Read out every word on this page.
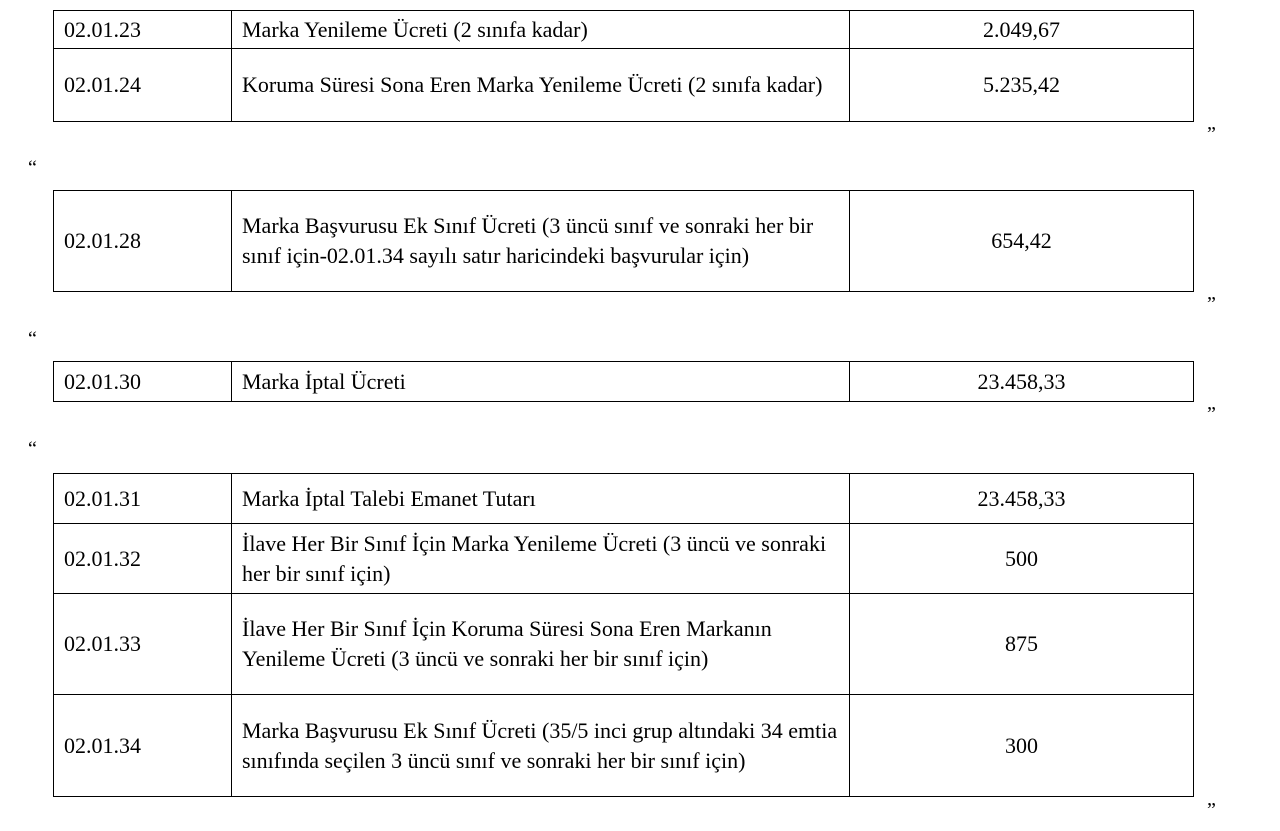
02.01.23	Marka Yenileme Ücreti (2 sınıfa kadar)	2.049,67
02.01.24	Koruma Süresi Sona Eren Marka Yenileme Ücreti (2 sınıfa kadar)	5.235,42
”
“
02.01.28	Marka Başvurusu Ek Sınıf Ücreti (3 üncü sınıf ve sonraki her bir sınıf için-02.01.34 sayılı satır haricindeki başvurular için)	654,42
”
“
02.01.30	Marka İptal Ücreti	23.458,33
”
“
02.01.31	Marka İptal Talebi Emanet Tutarı	23.458,33
02.01.32	İlave Her Bir Sınıf İçin Marka Yenileme Ücreti (3 üncü ve sonraki her bir sınıf için)	500
02.01.33	İlave Her Bir Sınıf İçin Koruma Süresi Sona Eren Markanın Yenileme Ücreti (3 üncü ve sonraki her bir sınıf için)	875
02.01.34	Marka Başvurusu Ek Sınıf Ücreti (35/5 inci grup altındaki 34 emtia sınıfında seçilen 3 üncü sınıf ve sonraki her bir sınıf için)	300
”
